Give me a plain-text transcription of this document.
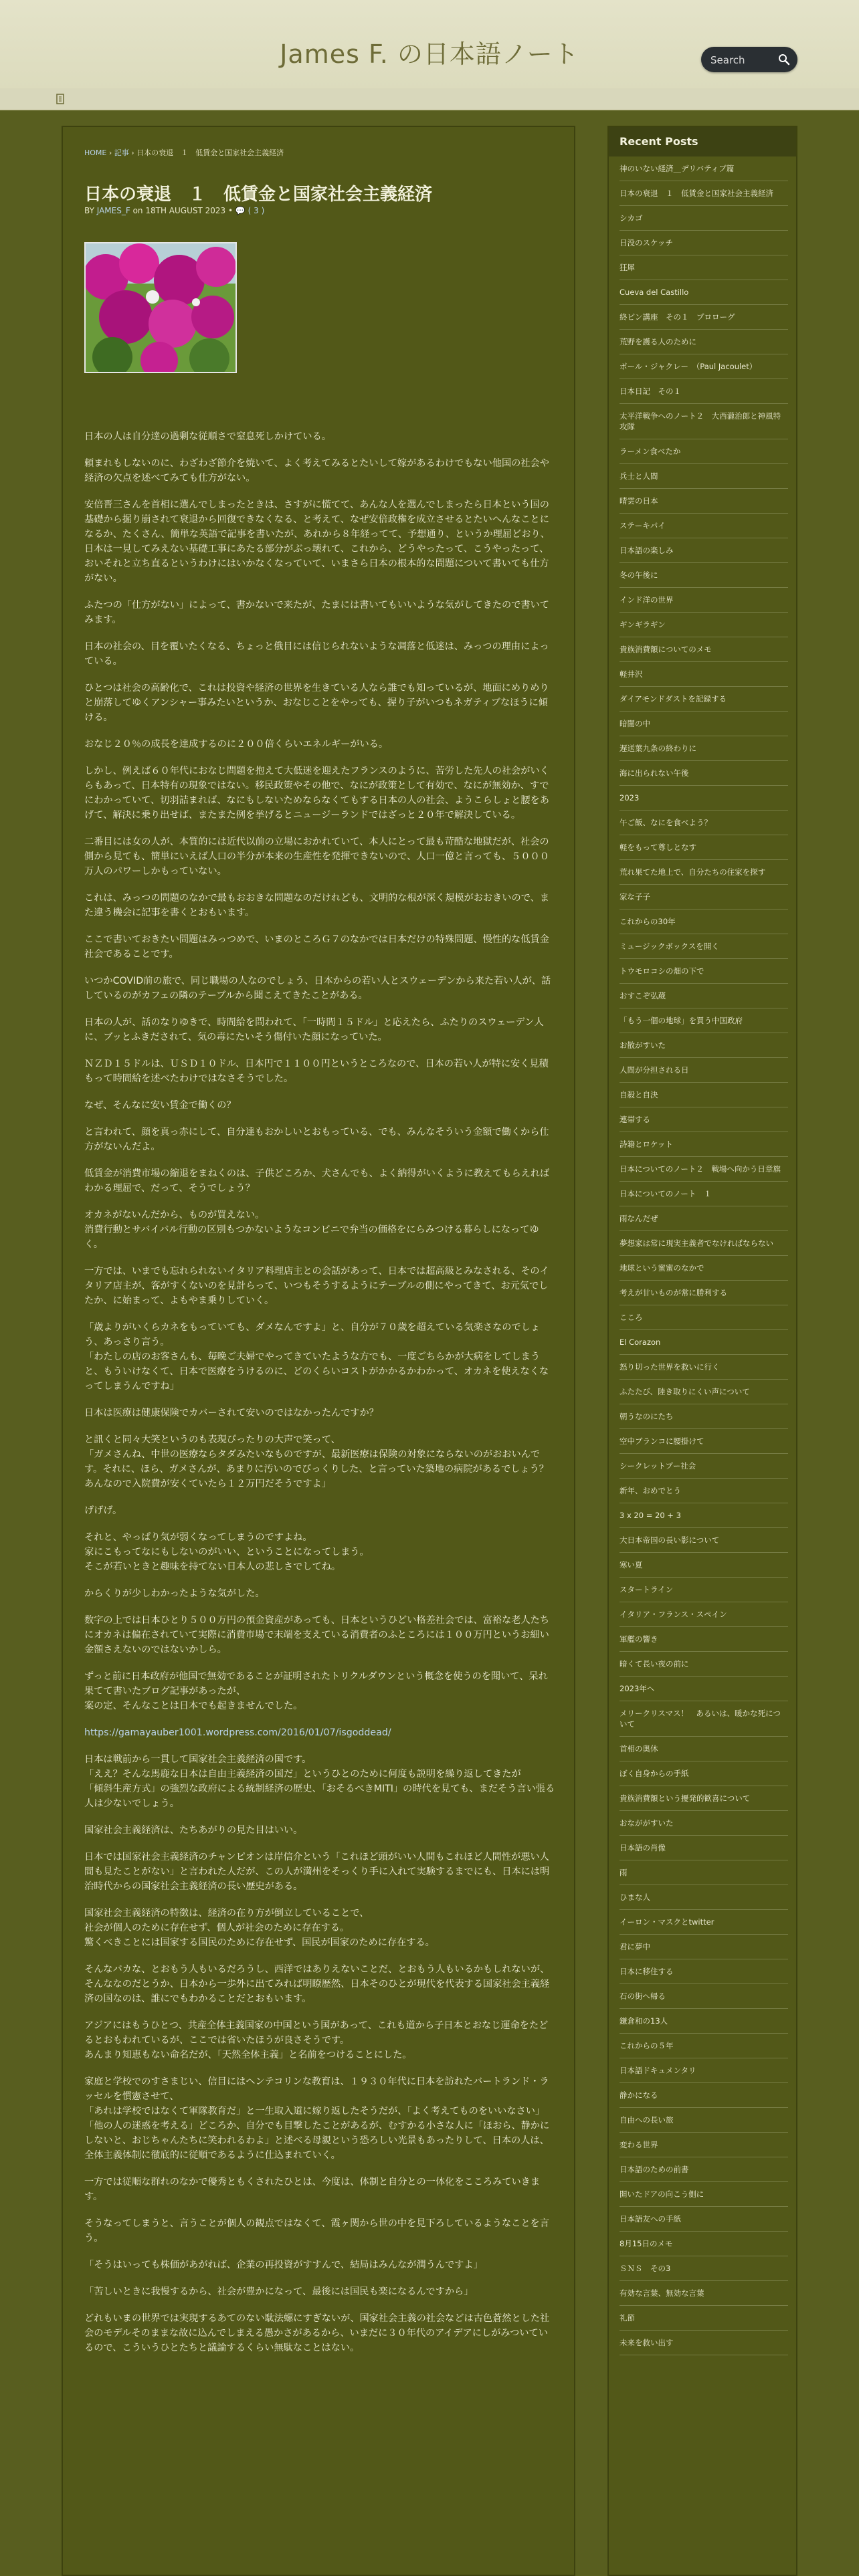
James F. の日本語ノート
Search
HOME › 記事 › 日本の衰退　１　低賃金と国家社会主義経済
日本の衰退　１　低賃金と国家社会主義経済
BY JAMES_F on 18TH AUGUST 2023 • 💬 ( 3 )

日本の人は自分達の過剰な従順さで窒息死しかけている。

頼まれもしないのに、わざわざ節介を焼いて、よく考えてみるとたいして嫁があるわけでもない他国の社会や経済の欠点を述べてみても仕方がない。

安倍晋三さんを首相に選んでしまったときは、さすがに慌てて、あんな人を選んでしまったら日本という国の基礎から掘り崩されて衰退から回復できなくなる、と考えて、なぜ安倍政権を成立させるとたいへんなことになるか、たくさん、簡単な英語で記事を書いたが、あれから８年経ってて、予想通り、というか理屈どおり、日本は一見してみえない基礎工事にあたる部分がぶっ壊れて、これから、どうやったって、こうやったって、おいそれと立ち直るというわけにはいかなくなっていて、いまさら日本の根本的な問題について書いても仕方がない。

ふたつの「仕方がない」によって、書かないで来たが、たまには書いてもいいような気がしてきたので書いてみます。

日本の社会の、目を覆いたくなる、ちょっと俄目には信じられないような凋落と低迷は、みっつの理由によっている。

ひとつは社会の高齢化で、これは投資や経済の世界を生きている人なら誰でも知っているが、地面にめりめりと崩落してゆくアンシャー事みたいというか、おなじことをやっても、握り子がいつもネガティブなほうに傾ける。

おなじ２０％の成長を達成するのに２００倍くらいエネルギーがいる。

しかし、例えば６０年代におなじ問題を抱えて大低迷を迎えたフランスのように、苦労した先人の社会がいくらもあって、日本特有の現象ではない。移民政策やその他で、なにが政策として有効で、なにが無効か、すでにわかっていて、切羽詰まれば、なにもしないためならなくてもする日本の人の社会、ようこらしょと腰をあげて、解決に乗り出せば、またまた例を挙げるとニュージーランドではざっと２０年で解決している。

二番目には女の人が、本質的には近代以前の立場におかれていて、本人にとって最も苛酷な地獄だが、社会の側から見ても、簡単にいえば人口の半分が本来の生産性を発揮できないので、人口一億と言っても、５０００万人のパワーしかもっていない。

これは、みっつの問題のなかで最もおおきな問題なのだけれども、文明的な根が深く規模がおおきいので、また違う機会に記事を書くとおもいます。

ここで書いておきたい問題はみっつめで、いまのところＧ７のなかでは日本だけの特殊問題、慢性的な低賃金社会であることです。

いつかCOVID前の旅で、同じ職場の人なのでしょう、日本からの若い人とスウェーデンから来た若い人が、話しているのがカフェの隣のテーブルから聞こえてきたことがある。

日本の人が、話のなりゆきで、時間給を問われて、「一時間１５ドル」と応えたら、ふたりのスウェーデン人に、ブッとふきだされて、気の毒にたいそう傷付いた顔になっていた。

ＮＺＤ１５ドルは、ＵＳＤ１０ドル、日本円で１１００円というところなので、日本の若い人が特に安く見積もって時間給を述べたわけではなさそうでした。

なぜ、そんなに安い賃金で働くの？

と言われて、顔を真っ赤にして、自分達もおかしいとおもっている、でも、みんなそういう金額で働くから仕方がないんだよ。

低賃金が消費市場の縮退をまねくのは、子供どころか、犬さんでも、よく納得がいくように教えてもらえればわかる理屈で、だって、そうでしょう？

オカネがないんだから、ものが買えない。
消費行動とサバイバル行動の区別もつかないようなコンビニで弁当の価格をにらみつける暮らしになってゆく。

一方では、いまでも忘れられないイタリア料理店主との会話があって、日本では超高級とみなされる、そのイタリア店主が、客がすくないのを見計らって、いつもそうするようにテーブルの側にやってきて、お元気でしたか、に始まって、よもやま乗りしていく。

「歳よりがいくらカネをもっていても、ダメなんですよ」と、自分が７０歳を超えている気楽さなのでしょう、あっさり言う。
「わたしの店のお客さんも、毎晩ご夫婦でやってきていたような方でも、一度ごちらかが大病をしてしまうと、もういけなくて、日本で医療をうけるのに、どのくらいコストがかかるかわかって、オカネを使えなくなってしまうんですね」

日本は医療は健康保険でカバーされて安いのではなかったんですか？

と訊くと同々大笑というのも表現ぴったりの大声で笑って、
「ガメさんね、中世の医療ならタダみたいなものですが、最新医療は保険の対象にならないのがおおいんです。それに、ほら、ガメさんが、あまりに汚いのでびっくりした、と言っていた築地の病院があるでしょう？あんなので入院費が安くていたら１２万円だそうですよ」

げげげ。

それと、やっぱり気が弱くなってしまうのですよね。
家にこもってなにもしないのがいい、ということになってしまう。
そこが若いときと趣味を持てない日本人の悲しさでしてね。

からくりが少しわかったような気がした。

数字の上では日本ひとり５００万円の預金資産があっても、日本というひどい格差社会では、富裕な老人たちにオカネは偏在されていて実際に消費市場で末端を支えている消費者のふところには１００万円というお細い金額さえないのではないかしら。

ずっと前に日本政府が他国で無効であることが証明されたトリクルダウンという概念を使うのを聞いて、呆れ果てて書いたブログ記事があったが、
案の定、そんなことは日本でも起きませんでした。

https://gamayauber1001.wordpress.com/2016/01/07/isgoddead/

日本は戦前から一貫して国家社会主義経済の国です。
「ええ？そんな馬鹿な日本は自由主義経済の国だ」というひとのために何度も説明を繰り返してきたが
「傾斜生産方式」の強烈な政府による統制経済の歴史、「おそるべきMITI」の時代を見ても、まだそう言い張る人は少ないでしょう。

国家社会主義経済は、たちあがりの見た目はいい。

日本では国家社会主義経済のチャンピオンは岸信介という「これほど頭がいい人間もこれほど人間性が悪い人間も見たことがない」と言われた人だが、この人が満州をそっくり手に入れて実験するまでにも、日本には明治時代からの国家社会主義経済の長い歴史がある。

国家社会主義経済の特徴は、経済の在り方が倒立していることで、
社会が個人のために存在せず、個人が社会のために存在する。
驚くべきことには国家する国民のために存在せず、国民が国家のために存在する。

そんなバカな、とおもう人もいるだろうし、西洋ではありえないことだ、とおもう人もいるかもしれないが、そんななのだとうか、日本から一歩外に出てみれば明瞭歴然、日本そのひとが現代を代表する国家社会主義経済の国なのは、誰にでもわかることだとおもいます。

アジアにはもうひとつ、共産全体主義国家の中国という国があって、これも道から子日本とおなじ運命をたどるとおもわれているが、ここでは省いたほうが良さそうです。
あんまり知恵もない命名だが、「天然全体主義」と名前をつけることにした。

家庭と学校でのすさまじい、信目にはヘンテコリンな教育は、１９３０年代に日本を訪れたバートランド・ラッセルを慣憲させて、
「あれは学校ではなくて軍隊教育だ」と一生取入道に嫁り返したそうだが、「よく考えてものをいいなさい」「他の人の迷惑を考える」どころか、自分でも目撃したことがあるが、むすかる小さな人に「ほおら、静かにしないと、おじちゃんたちに笑われるわよ」と述べる母親という恐ろしい光景もあったりして、日本の人は、全体主義体制に徹底的に従順であるように仕込まれていく。

一方では従順な群れのなかで優秀ともくされたひとは、今度は、体制と自分との一体化をこころみていきます。

そうなってしまうと、言うことが個人の観点ではなくて、霞ヶ関から世の中を見下ろしているようなことを言う。

「そうはいっても株価があがれば、企業の再投資がすすんで、結局はみんなが潤うんですよ」

「苦しいときに我慢するから、社会が豊かになって、最後には国民も楽になるんですから」

どれもいまの世界では実現するあてのない駄法螺にすぎないが、国家社会主義の社会などは古色蒼然とした社会のモデルそのままな故に込んでしまえる愚かさがあるから、いまだに３０年代のアイデアにしがみついているので、こういうひとたちと議論するくらい無駄なことはない。

Recent Posts
神のいない経済＿デリバティブ篇
日本の衰退　１　低賃金と国家社会主義経済
シカゴ
日没のスケッチ
狂犀
Cueva del Castillo
終ピン講座　その１　プロローグ
荒野を護る人のために
ポール・ジャクレー　（Paul Jacoulet）
日本日記　その１
太平洋戦争へのノート２　大西瀧治郎と神風特攻隊
ラーメン食べたか
兵士と人間
晴雲の日本
ステーキパイ
日本語の楽しみ
冬の午後に
インド洋の世界
ギンギラギン
貴族消費額についてのメモ
軽井沢
ダイアモンドダストを記録する
暗闇の中
遅送葉九条の終わりに
海に出られない午後
2023
午ご飯、なにを食べよう？
軽をもって尊しとなす
荒れ果てた地上で、自分たちの住家を探す
家な子子
これからの30年
ミュージックボックスを開く
トウモロコシの畑の下で
おすこぞ弘蔵
「もう一個の地球」を買う中国政府
お散がすいた
人間が分担される日
自殺と自決
連帯する
詩籍とロケット
日本についてのノート２　戦場へ向かう日章旗
日本についてのノート　１
雨なんだぜ
夢想家は常に現実主義者でなければならない
地球という蜜蜜のなかで
考えが甘いものが常に勝利する
こころ
El Corazon
怒り切った世界を救いに行く
ふたたび、陸き取りにくい声について
朝うなのにたち
空中ブランコに腰掛けて
シークレットブー社会
新年、おめでとう
3 x 20 = 20 + 3
大日本帝国の長い影について
寒い夏
スタートライン
イタリア・フランス・スペイン
軍艦の響き
暗くて長い夜の前に
2023年へ
メリークリスマス！　あるいは、暖かな死について
首相の奥休
ぼく自身からの手紙
貴族消費額という擾発的歓喜について
おなががすいた
日本語の肖像
雨
ひまな人
イーロン・マスクとtwitter
君に夢中
日本に移住する
石の街へ帰る
鎌倉和の13人
これからの５年
日本語ドキュメンタリ
静かになる
自由への長い旅
変わる世界
日本語のための前書
開いたドアの向こう側に
日本語友への手紙
8月15日のメモ
ＳＮＳ　その3
有効な言葉、無効な言葉
礼節
未来を救い出す
